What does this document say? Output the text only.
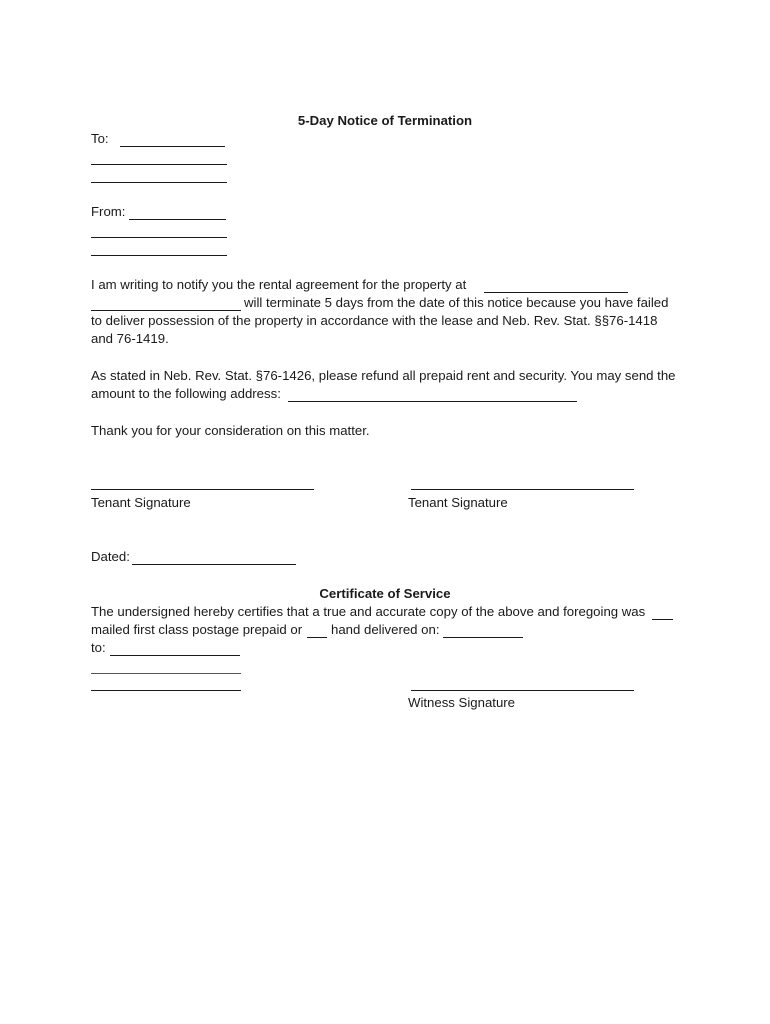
5-Day Notice of Termination

To:

From:

I am writing to notify you the rental agreement for the property at

will terminate 5 days from the date of this notice because you have failed

to deliver possession of the property in accordance with the lease and Neb. Rev. Stat. §§76-1418

and 76-1419.

As stated in Neb. Rev. Stat. §76-1426, please refund all prepaid rent and security. You may send the

amount to the following address:

Thank you for your consideration on this matter.

Tenant Signature	Tenant Signature

Dated:

Certificate of Service

The undersigned hereby certifies that a true and accurate copy of the above and foregoing was

mailed first class postage prepaid or hand delivered on:

to:

Witness Signature
